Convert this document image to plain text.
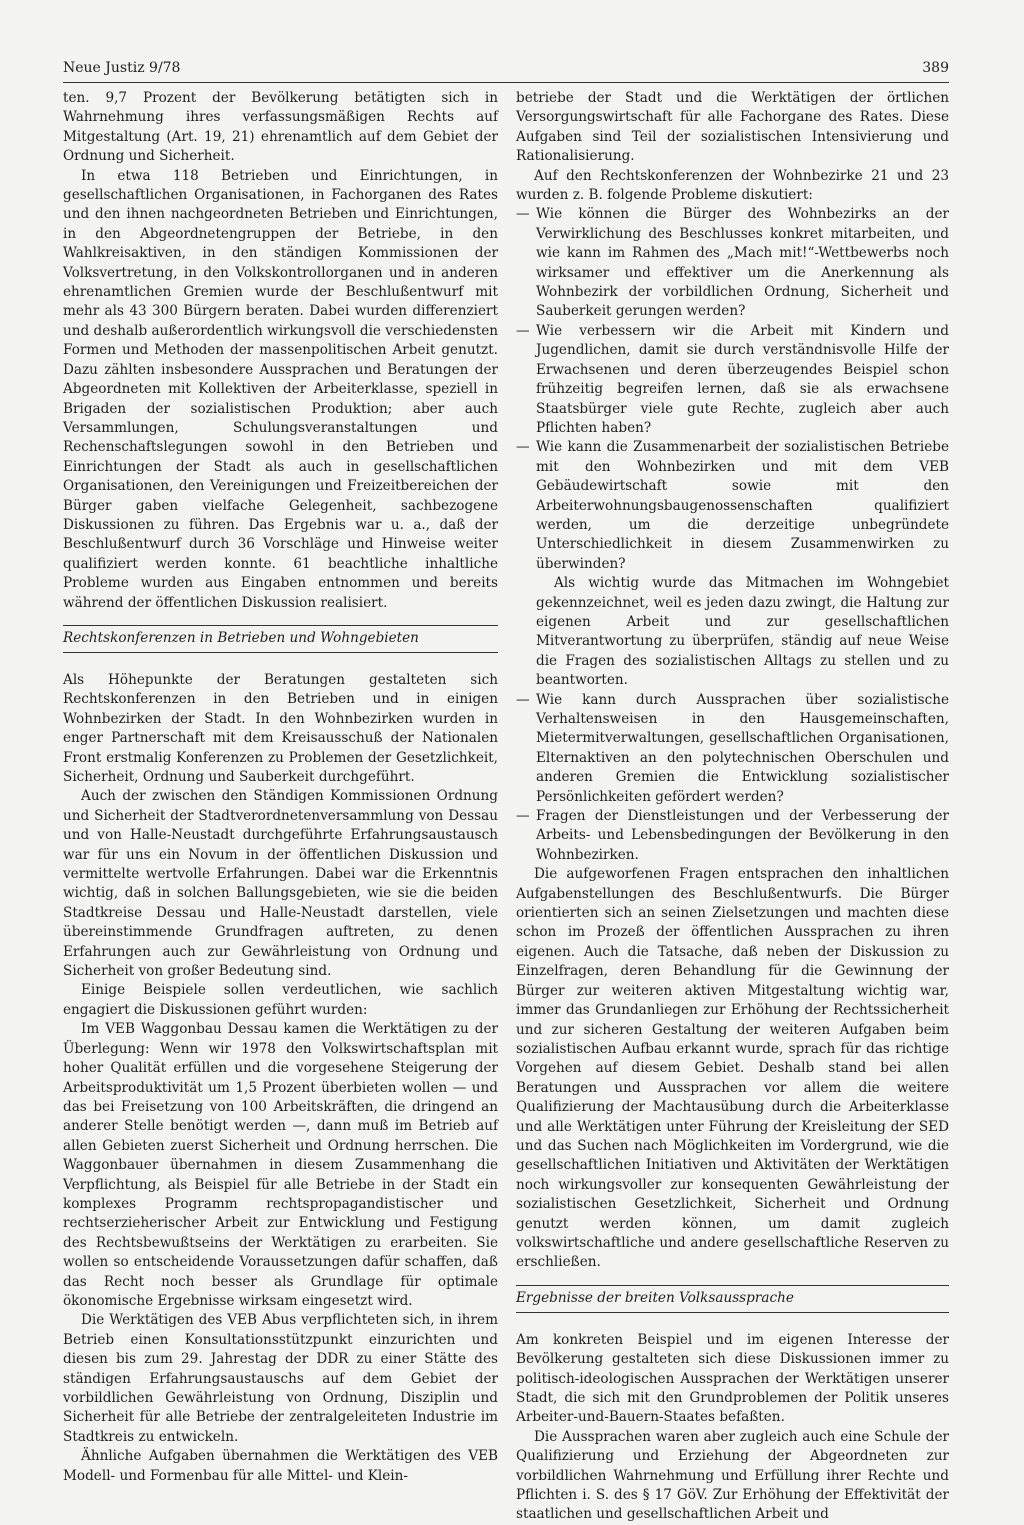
Neue Justiz 9/78	389

ten. 9,7 Prozent der Bevölkerung betätigten sich in Wahrnehmung ihres verfassungsmäßigen Rechts auf Mitgestaltung (Art. 19, 21) ehrenamtlich auf dem Gebiet der Ordnung und Sicherheit.

In etwa 118 Betrieben und Einrichtungen, in gesellschaftlichen Organisationen, in Fachorganen des Rates und den ihnen nachgeordneten Betrieben und Einrichtungen, in den Abgeordnetengruppen der Betriebe, in den Wahlkreisaktiven, in den ständigen Kommissionen der Volksvertretung, in den Volkskontrollorganen und in anderen ehrenamtlichen Gremien wurde der Beschlußentwurf mit mehr als 43 300 Bürgern beraten. Dabei wurden differenziert und deshalb außerordentlich wirkungsvoll die verschiedensten Formen und Methoden der massenpolitischen Arbeit genutzt. Dazu zählten insbesondere Aussprachen und Beratungen der Abgeordneten mit Kollektiven der Arbeiterklasse, speziell in Brigaden der sozialistischen Produktion; aber auch Versammlungen, Schulungsveranstaltungen und Rechenschaftslegungen sowohl in den Betrieben und Einrichtungen der Stadt als auch in gesellschaftlichen Organisationen, den Vereinigungen und Freizeitbereichen der Bürger gaben vielfache Gelegenheit, sachbezogene Diskussionen zu führen. Das Ergebnis war u. a., daß der Beschlußentwurf durch 36 Vorschläge und Hinweise weiter qualifiziert werden konnte. 61 beachtliche inhaltliche Probleme wurden aus Eingaben entnommen und bereits während der öffentlichen Diskussion realisiert.

Rechtskonferenzen in Betrieben und Wohngebieten

Als Höhepunkte der Beratungen gestalteten sich Rechtskonferenzen in den Betrieben und in einigen Wohnbezirken der Stadt. In den Wohnbezirken wurden in enger Partnerschaft mit dem Kreisausschuß der Nationalen Front erstmalig Konferenzen zu Problemen der Gesetzlichkeit, Sicherheit, Ordnung und Sauberkeit durchgeführt.

Auch der zwischen den Ständigen Kommissionen Ordnung und Sicherheit der Stadtverordnetenversammlung von Dessau und von Halle-Neustadt durchgeführte Erfahrungsaustausch war für uns ein Novum in der öffentlichen Diskussion und vermittelte wertvolle Erfahrungen. Dabei war die Erkenntnis wichtig, daß in solchen Ballungsgebieten, wie sie die beiden Stadtkreise Dessau und Halle-Neustadt darstellen, viele übereinstimmende Grundfragen auftreten, zu denen Erfahrungen auch zur Gewährleistung von Ordnung und Sicherheit von großer Bedeutung sind.

Einige Beispiele sollen verdeutlichen, wie sachlich engagiert die Diskussionen geführt wurden:

Im VEB Waggonbau Dessau kamen die Werktätigen zu der Überlegung: Wenn wir 1978 den Volkswirtschaftsplan mit hoher Qualität erfüllen und die vorgesehene Steigerung der Arbeitsproduktivität um 1,5 Prozent überbieten wollen — und das bei Freisetzung von 100 Arbeitskräften, die dringend an anderer Stelle benötigt werden —, dann muß im Betrieb auf allen Gebieten zuerst Sicherheit und Ordnung herrschen. Die Waggonbauer übernahmen in diesem Zusammenhang die Verpflichtung, als Beispiel für alle Betriebe in der Stadt ein komplexes Programm rechtspropagandistischer und rechtserzieherischer Arbeit zur Entwicklung und Festigung des Rechtsbewußtseins der Werktätigen zu erarbeiten. Sie wollen so entscheidende Voraussetzungen dafür schaffen, daß das Recht noch besser als Grundlage für optimale ökonomische Ergebnisse wirksam eingesetzt wird.

Die Werktätigen des VEB Abus verpflichteten sich, in ihrem Betrieb einen Konsultationsstützpunkt einzurichten und diesen bis zum 29. Jahrestag der DDR zu einer Stätte des ständigen Erfahrungsaustauschs auf dem Gebiet der vorbildlichen Gewährleistung von Ordnung, Disziplin und Sicherheit für alle Betriebe der zentralgeleiteten Industrie im Stadtkreis zu entwickeln.

Ähnliche Aufgaben übernahmen die Werktätigen des VEB Modell- und Formenbau für alle Mittel- und Klein-

betriebe der Stadt und die Werktätigen der örtlichen Versorgungswirtschaft für alle Fachorgane des Rates. Diese Aufgaben sind Teil der sozialistischen Intensivierung und Rationalisierung.

Auf den Rechtskonferenzen der Wohnbezirke 21 und 23 wurden z. B. folgende Probleme diskutiert:

— Wie können die Bürger des Wohnbezirks an der Verwirklichung des Beschlusses konkret mitarbeiten, und wie kann im Rahmen des „Mach mit!“-Wettbewerbs noch wirksamer und effektiver um die Anerkennung als Wohnbezirk der vorbildlichen Ordnung, Sicherheit und Sauberkeit gerungen werden?
— Wie verbessern wir die Arbeit mit Kindern und Jugendlichen, damit sie durch verständnisvolle Hilfe der Erwachsenen und deren überzeugendes Beispiel schon frühzeitig begreifen lernen, daß sie als erwachsene Staatsbürger viele gute Rechte, zugleich aber auch Pflichten haben?
— Wie kann die Zusammenarbeit der sozialistischen Betriebe mit den Wohnbezirken und mit dem VEB Gebäudewirtschaft sowie mit den Arbeiterwohnungsbaugenossenschaften qualifiziert werden, um die derzeitige unbegründete Unterschiedlichkeit in diesem Zusammenwirken zu überwinden?

Als wichtig wurde das Mitmachen im Wohngebiet gekennzeichnet, weil es jeden dazu zwingt, die Haltung zur eigenen Arbeit und zur gesellschaftlichen Mitverantwortung zu überprüfen, ständig auf neue Weise die Fragen des sozialistischen Alltags zu stellen und zu beantworten.

— Wie kann durch Aussprachen über sozialistische Verhaltensweisen in den Hausgemeinschaften, Mietermitverwaltungen, gesellschaftlichen Organisationen, Elternaktiven an den polytechnischen Oberschulen und anderen Gremien die Entwicklung sozialistischer Persönlichkeiten gefördert werden?
— Fragen der Dienstleistungen und der Verbesserung der Arbeits- und Lebensbedingungen der Bevölkerung in den Wohnbezirken.

Die aufgeworfenen Fragen entsprachen den inhaltlichen Aufgabenstellungen des Beschlußentwurfs. Die Bürger orientierten sich an seinen Zielsetzungen und machten diese schon im Prozeß der öffentlichen Aussprachen zu ihren eigenen. Auch die Tatsache, daß neben der Diskussion zu Einzelfragen, deren Behandlung für die Gewinnung der Bürger zur weiteren aktiven Mitgestaltung wichtig war, immer das Grundanliegen zur Erhöhung der Rechtssicherheit und zur sicheren Gestaltung der weiteren Aufgaben beim sozialistischen Aufbau erkannt wurde, sprach für das richtige Vorgehen auf diesem Gebiet. Deshalb stand bei allen Beratungen und Aussprachen vor allem die weitere Qualifizierung der Machtausübung durch die Arbeiterklasse und alle Werktätigen unter Führung der Kreisleitung der SED und das Suchen nach Möglichkeiten im Vordergrund, wie die gesellschaftlichen Initiativen und Aktivitäten der Werktätigen noch wirkungsvoller zur konsequenten Gewährleistung der sozialistischen Gesetzlichkeit, Sicherheit und Ordnung genutzt werden können, um damit zugleich volkswirtschaftliche und andere gesellschaftliche Reserven zu erschließen.

Ergebnisse der breiten Volksaussprache

Am konkreten Beispiel und im eigenen Interesse der Bevölkerung gestalteten sich diese Diskussionen immer zu politisch-ideologischen Aussprachen der Werktätigen unserer Stadt, die sich mit den Grundproblemen der Politik unseres Arbeiter-und-Bauern-Staates befaßten.

Die Aussprachen waren aber zugleich auch eine Schule der Qualifizierung und Erziehung der Abgeordneten zur vorbildlichen Wahrnehmung und Erfüllung ihrer Rechte und Pflichten i. S. des § 17 GöV. Zur Erhöhung der Effektivität der staatlichen und gesellschaftlichen Arbeit und
